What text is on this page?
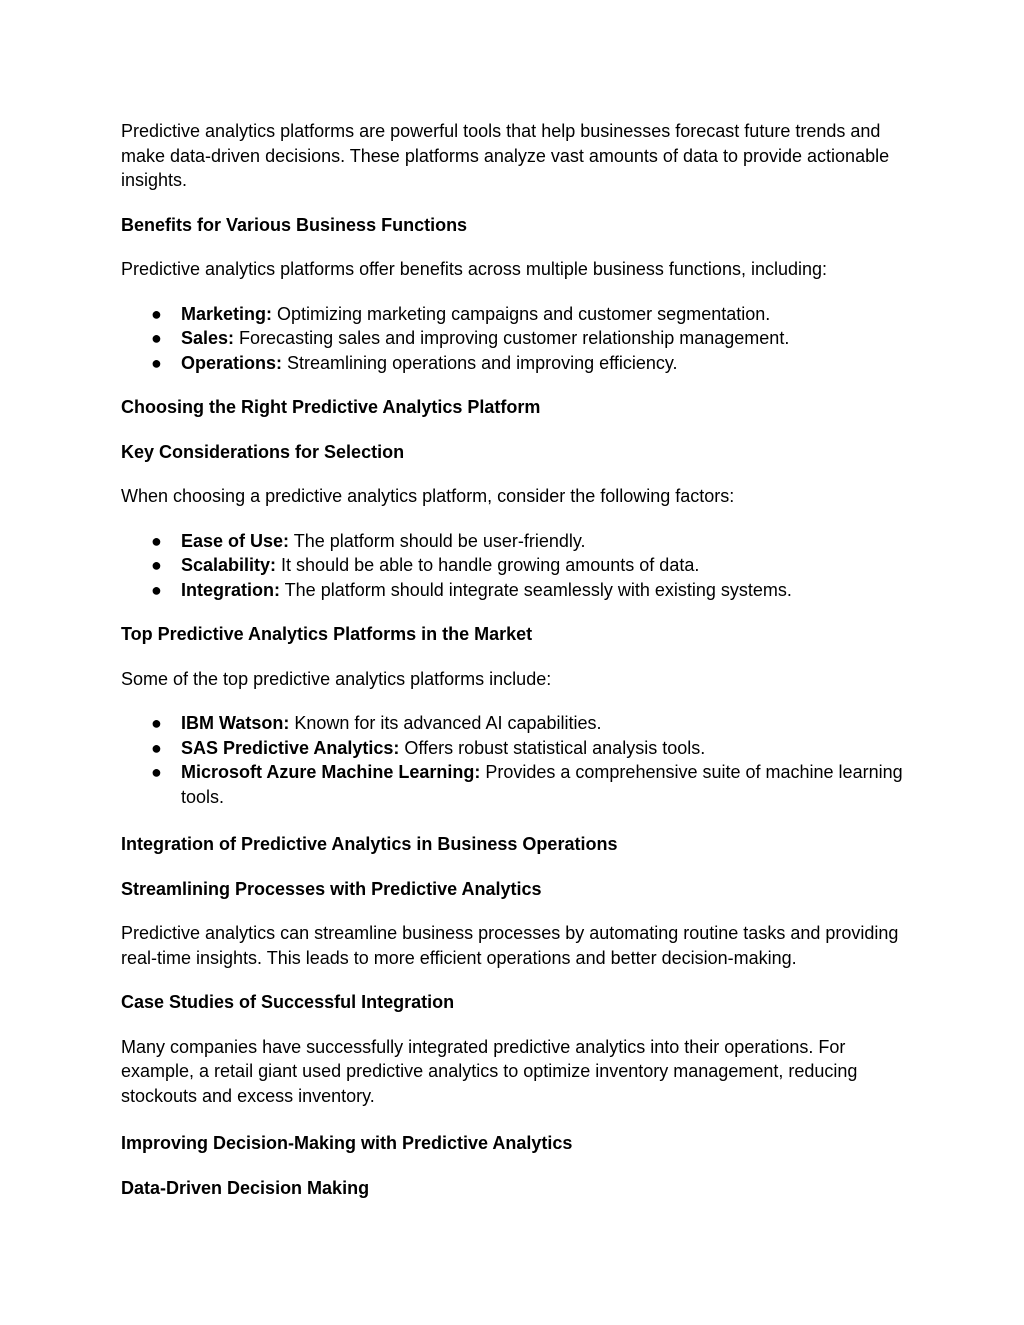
Predictive analytics platforms are powerful tools that help businesses forecast future trends and make data-driven decisions. These platforms analyze vast amounts of data to provide actionable insights.

Benefits for Various Business Functions

Predictive analytics platforms offer benefits across multiple business functions, including:

● Marketing: Optimizing marketing campaigns and customer segmentation.
● Sales: Forecasting sales and improving customer relationship management.
● Operations: Streamlining operations and improving efficiency.

Choosing the Right Predictive Analytics Platform

Key Considerations for Selection

When choosing a predictive analytics platform, consider the following factors:

● Ease of Use: The platform should be user-friendly.
● Scalability: It should be able to handle growing amounts of data.
● Integration: The platform should integrate seamlessly with existing systems.

Top Predictive Analytics Platforms in the Market

Some of the top predictive analytics platforms include:

● IBM Watson: Known for its advanced AI capabilities.
● SAS Predictive Analytics: Offers robust statistical analysis tools.
● Microsoft Azure Machine Learning: Provides a comprehensive suite of machine learning tools.

Integration of Predictive Analytics in Business Operations

Streamlining Processes with Predictive Analytics

Predictive analytics can streamline business processes by automating routine tasks and providing real-time insights. This leads to more efficient operations and better decision-making.

Case Studies of Successful Integration

Many companies have successfully integrated predictive analytics into their operations. For example, a retail giant used predictive analytics to optimize inventory management, reducing stockouts and excess inventory.

Improving Decision-Making with Predictive Analytics

Data-Driven Decision Making
